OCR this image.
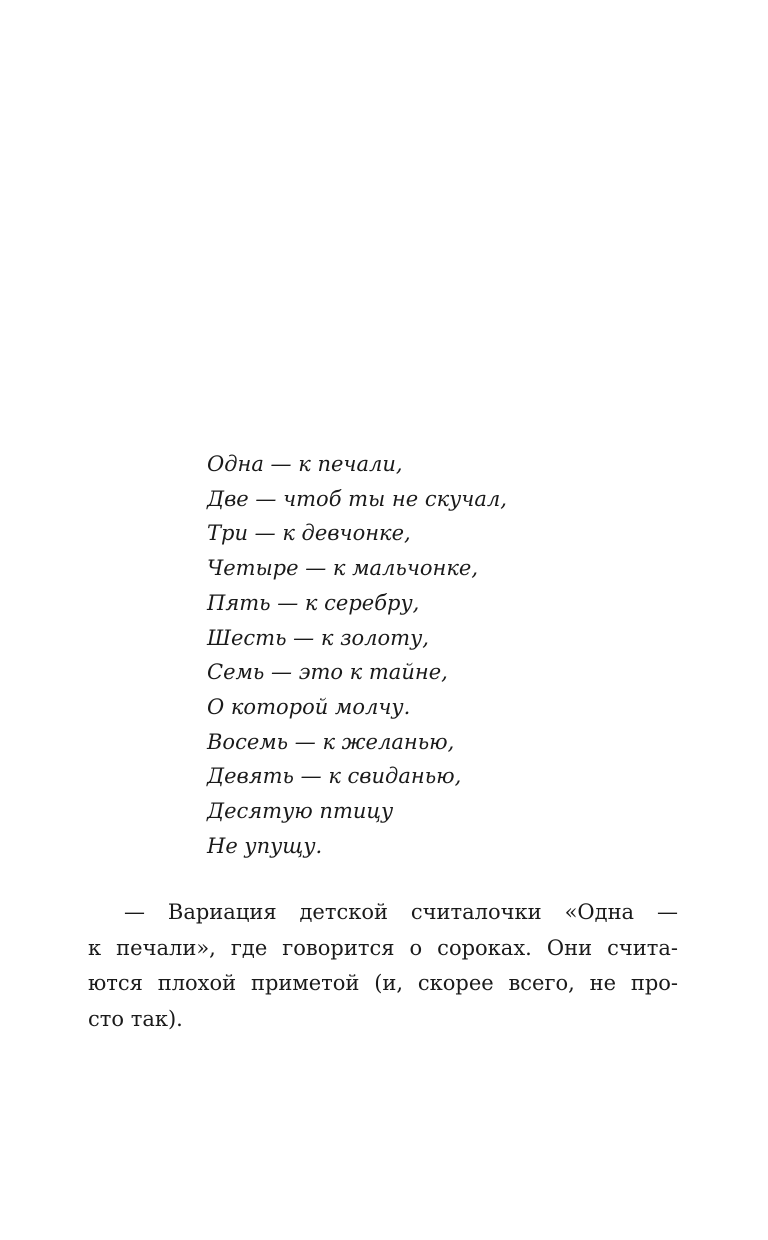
Одна — к печали,
Две — чтоб ты не скучал,
Три — к девчонке,
Четыре — к мальчонке,
Пять — к серебру,
Шесть — к золоту,
Семь — это к тайне,
О которой молчу.
Восемь — к желанью,
Девять — к свиданью,
Десятую птицу
Не упущу.

— Вариация детской считалочки «Одна —
к печали», где говорится о сороках. Они счита-
ются плохой приметой (и, скорее всего, не про-
сто так).
